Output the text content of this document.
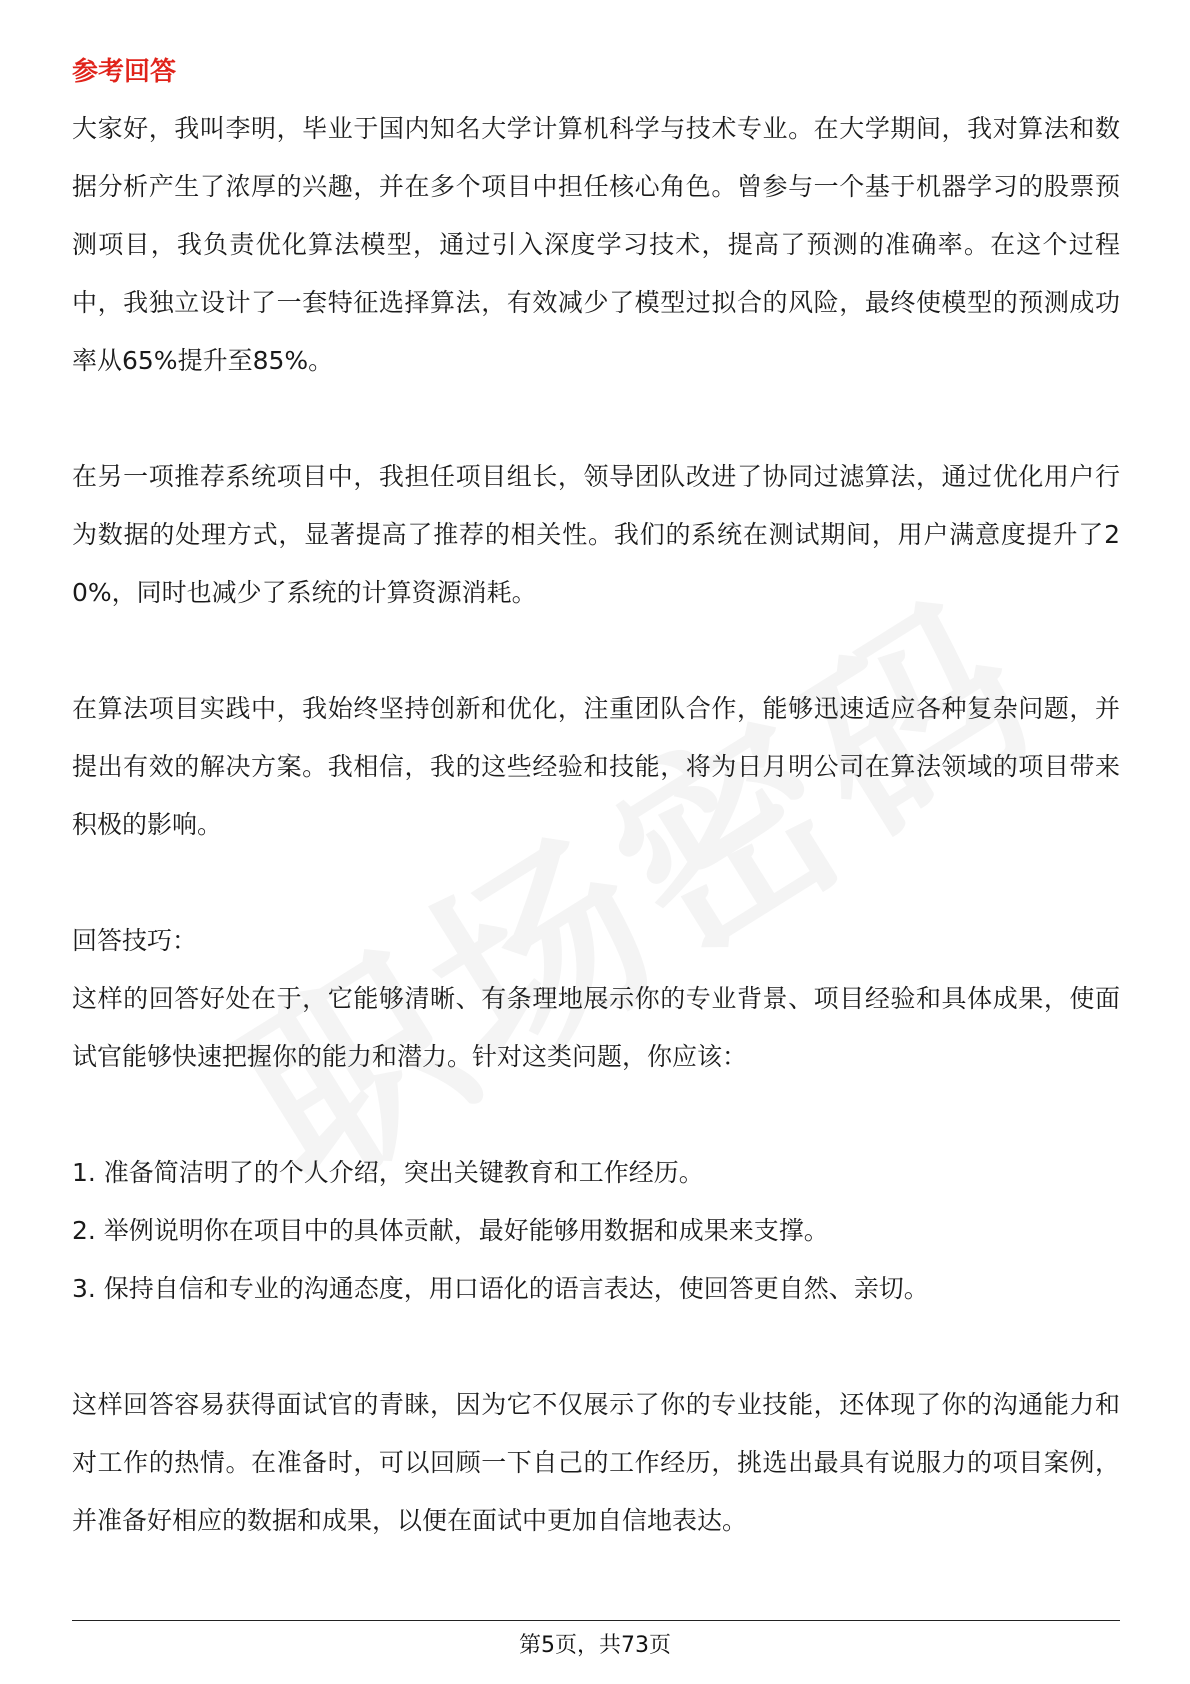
参考回答

大家好，我叫李明，毕业于国内知名大学计算机科学与技术专业。在大学期间，我对算法和数据分析产生了浓厚的兴趣，并在多个项目中担任核心角色。曾参与一个基于机器学习的股票预测项目，我负责优化算法模型，通过引入深度学习技术，提高了预测的准确率。在这个过程中，我独立设计了一套特征选择算法，有效减少了模型过拟合的风险，最终使模型的预测成功率从65%提升至85%。

在另一项推荐系统项目中，我担任项目组长，领导团队改进了协同过滤算法，通过优化用户行为数据的处理方式，显著提高了推荐的相关性。我们的系统在测试期间，用户满意度提升了20%，同时也减少了系统的计算资源消耗。

在算法项目实践中，我始终坚持创新和优化，注重团队合作，能够迅速适应各种复杂问题，并提出有效的解决方案。我相信，我的这些经验和技能，将为日月明公司在算法领域的项目带来积极的影响。

回答技巧：

这样的回答好处在于，它能够清晰、有条理地展示你的专业背景、项目经验和具体成果，使面试官能够快速把握你的能力和潜力。针对这类问题，你应该：

1. 准备简洁明了的个人介绍，突出关键教育和工作经历。

2. 举例说明你在项目中的具体贡献，最好能够用数据和成果来支撑。

3. 保持自信和专业的沟通态度，用口语化的语言表达，使回答更自然、亲切。

这样回答容易获得面试官的青睐，因为它不仅展示了你的专业技能，还体现了你的沟通能力和对工作的热情。在准备时，可以回顾一下自己的工作经历，挑选出最具有说服力的项目案例，并准备好相应的数据和成果，以便在面试中更加自信地表达。

第5页，共73页
